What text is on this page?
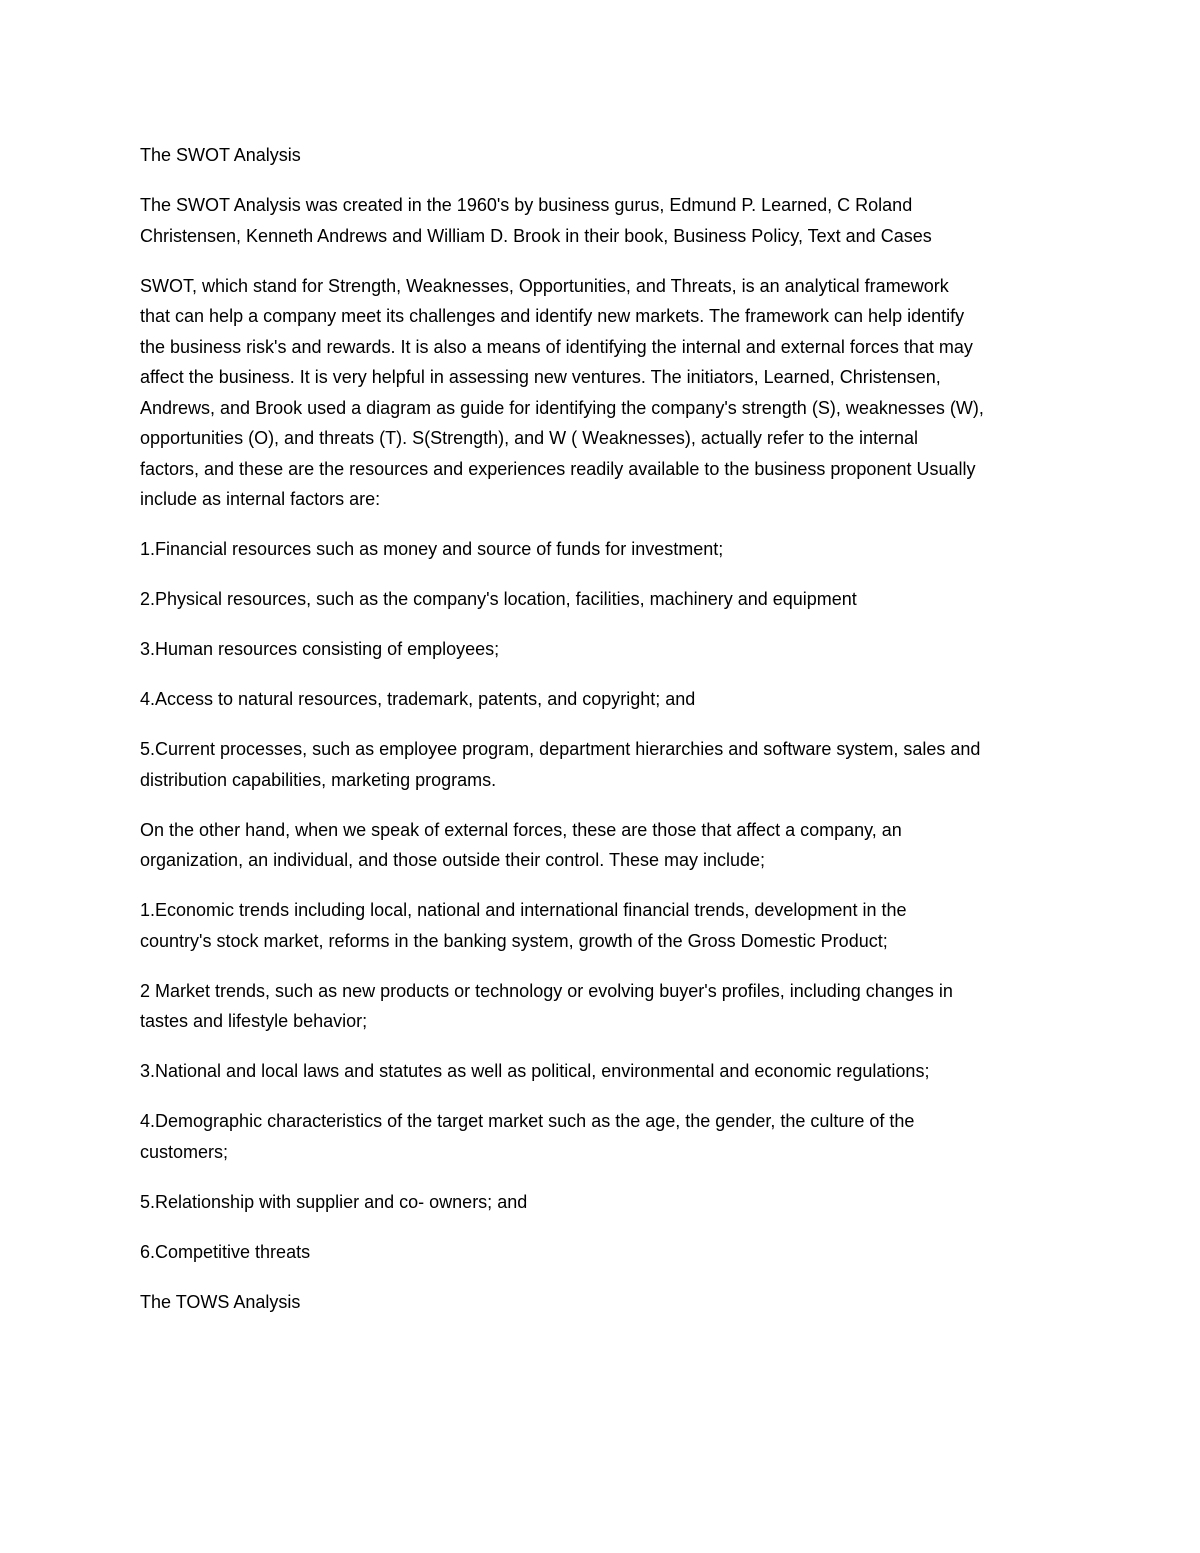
The SWOT Analysis

The SWOT Analysis was created in the 1960's by business gurus, Edmund P. Learned, C Roland
Christensen, Kenneth Andrews and William D. Brook in their book, Business Policy, Text and Cases

SWOT, which stand for Strength, Weaknesses, Opportunities, and Threats, is an analytical framework
that can help a company meet its challenges and identify new markets. The framework can help identify
the business risk's and rewards. It is also a means of identifying the internal and external forces that may
affect the business. It is very helpful in assessing new ventures. The initiators, Learned, Christensen,
Andrews, and Brook used a diagram as guide for identifying the company's strength (S), weaknesses (W),
opportunities (O), and threats (T). S(Strength), and W ( Weaknesses), actually refer to the internal
factors, and these are the resources and experiences readily available to the business proponent Usually
include as internal factors are:

1.Financial resources such as money and source of funds for investment;

2.Physical resources, such as the company's location, facilities, machinery and equipment

3.Human resources consisting of employees;

4.Access to natural resources, trademark, patents, and copyright; and

5.Current processes, such as employee program, department hierarchies and software system, sales and
distribution capabilities, marketing programs.

On the other hand, when we speak of external forces, these are those that affect a company, an
organization, an individual, and those outside their control. These may include;

1.Economic trends including local, national and international financial trends, development in the
country's stock market, reforms in the banking system, growth of the Gross Domestic Product;

2 Market trends, such as new products or technology or evolving buyer's profiles, including changes in
tastes and lifestyle behavior;

3.National and local laws and statutes as well as political, environmental and economic regulations;

4.Demographic characteristics of the target market such as the age, the gender, the culture of the
customers;

5.Relationship with supplier and co- owners; and

6.Competitive threats

The TOWS Analysis
